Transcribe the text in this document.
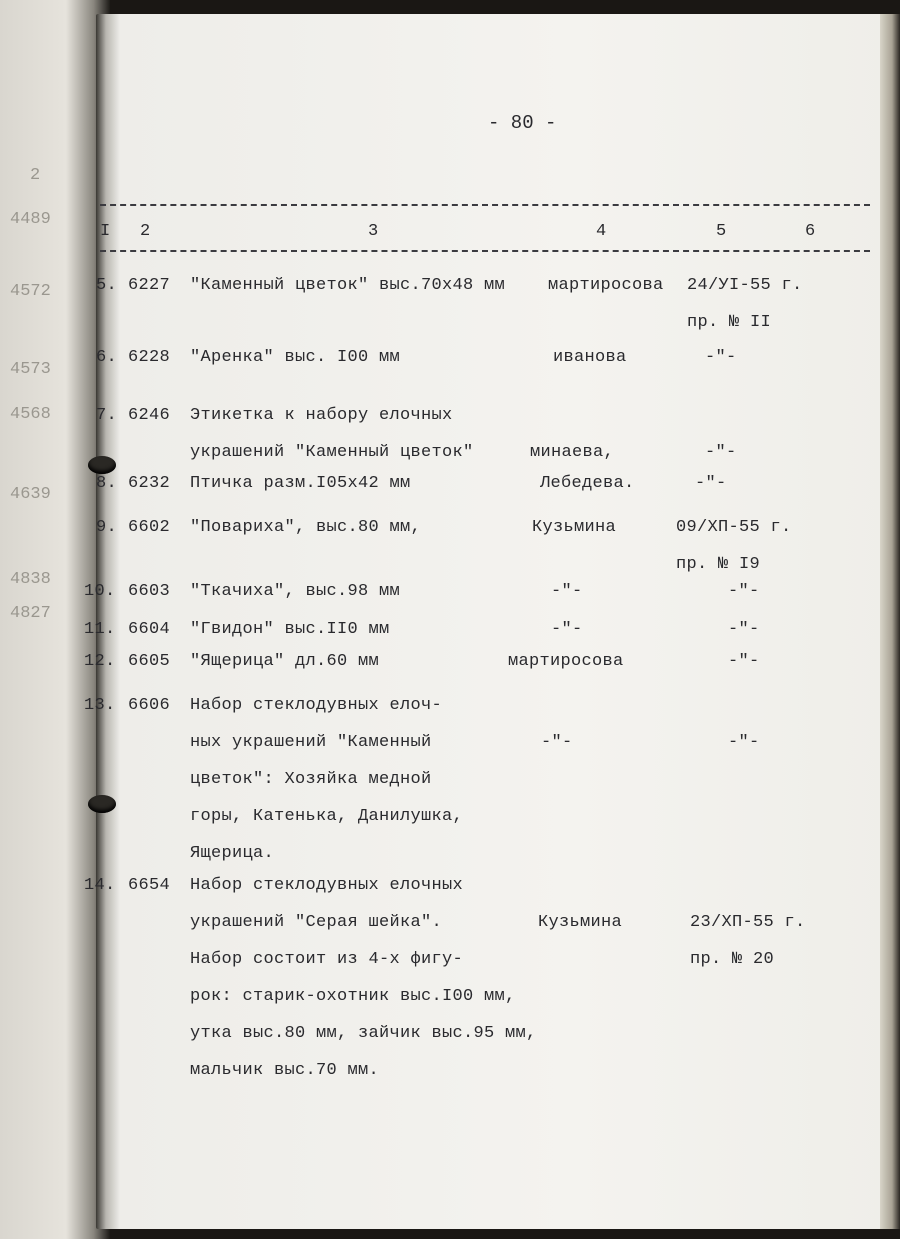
2
4489
4572
4573
4568
4639
4838
4827
- 80 -
I 2	3	4	5	6
5. 6227 "Каменный цветок" выс.70х48 мм	мартиросова 24/УI-55 г.
пр. № II
6. 6228 "Аренка" выс. I00 мм	иванова	-"-
7. 6246 Этикетка к набору елочных
украшений "Каменный цветок"	минаева,	-"-
8. 6232 Птичка разм.I05х42 мм	Лебедева.	-"-
9. 6602 "Повариха", выс.80 мм,	Кузьмина	09/ХП-55 г.
пр. № I9
10. 6603 "Ткачиха", выс.98 мм	-"-	-"-
11. 6604 "Гвидон" выс.II0 мм	-"-	-"-
12. 6605 "Ящерица" дл.60 мм	мартиросова	-"-
13. 6606 Набор стеклодувных елоч-
ных украшений "Каменный
цветок": Хозяйка медной
горы, Катенька, Данилушка,
Ящерица.
-"-	-"-
14. 6654 Набор стеклодувных елочных
украшений "Серая шейка".
Набор состоит из 4-х фигу-
рок: старик-охотник выс.I00 мм,
утка выс.80 мм, зайчик выс.95 мм,
мальчик выс.70 мм.
Кузьмина	23/ХП-55 г.
пр. № 20
